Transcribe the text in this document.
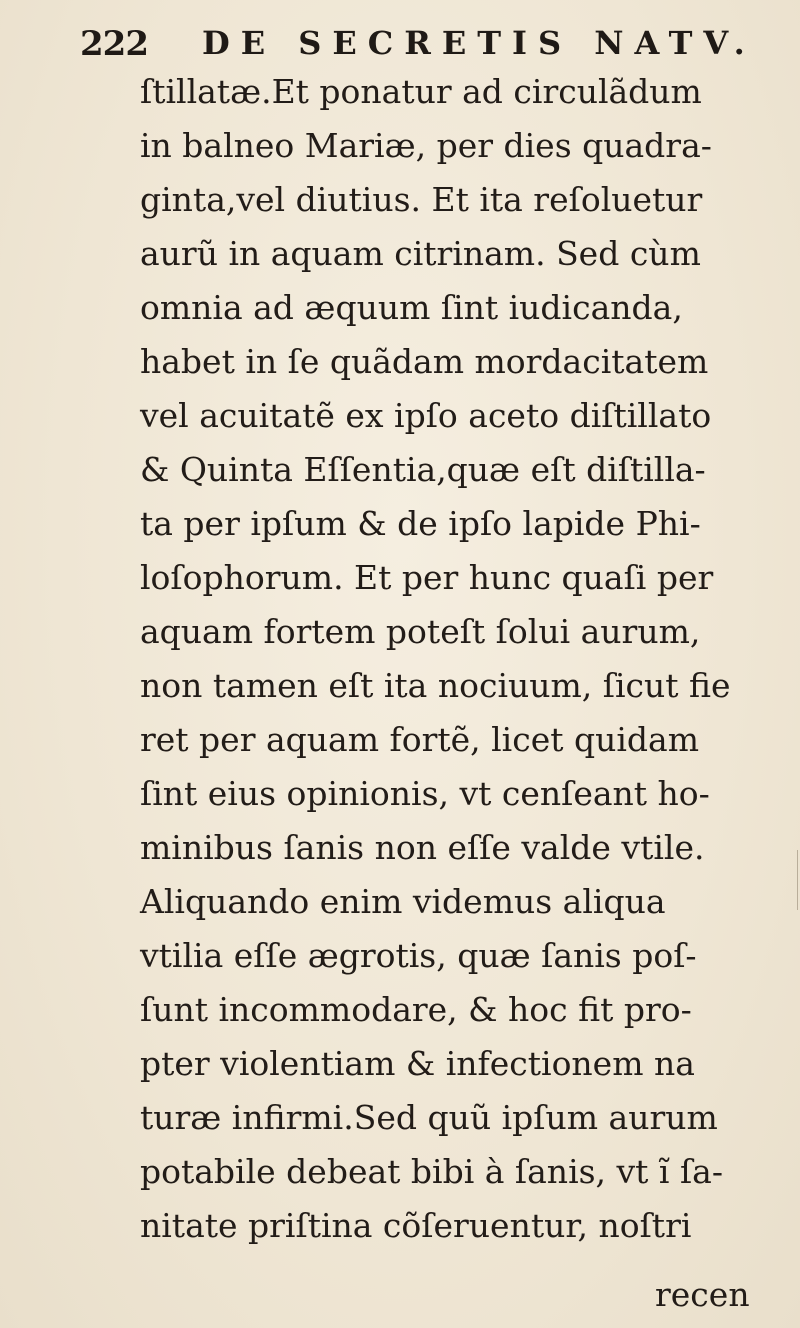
222 DE SECRETIS NATV.
ſtillatæ.Et ponatur ad circulãdum
in balneo Mariæ, per dies quadra-
ginta,vel diutius. Et ita reſoluetur
aurũ in aquam citrinam. Sed cùm
omnia ad æquum ſint iudicanda,
habet in ſe quãdam mordacitatem
vel acuitatẽ ex ipſo aceto diſtillato
& Quinta Eſſentia,quæ eſt diſtilla-
ta per ipſum & de ipſo lapide Phi-
loſophorum. Et per hunc quaſi per
aquam fortem poteſt ſolui aurum,
non tamen eſt ita nociuum, ſicut fie
ret per aquam fortẽ, licet quidam
ſint eius opinionis, vt cenſeant ho-
minibus ſanis non eſſe valde vtile.
Aliquando enim videmus aliqua
vtilia eſſe ægrotis, quæ ſanis poſ-
ſunt incommodare, & hoc fit pro-
pter violentiam & infectionem na
turæ infirmi.Sed quũ ipſum aurum
potabile debeat bibi à ſanis, vt ĩ ſa-
nitate priſtina cõſeruentur, noſtri
recen
